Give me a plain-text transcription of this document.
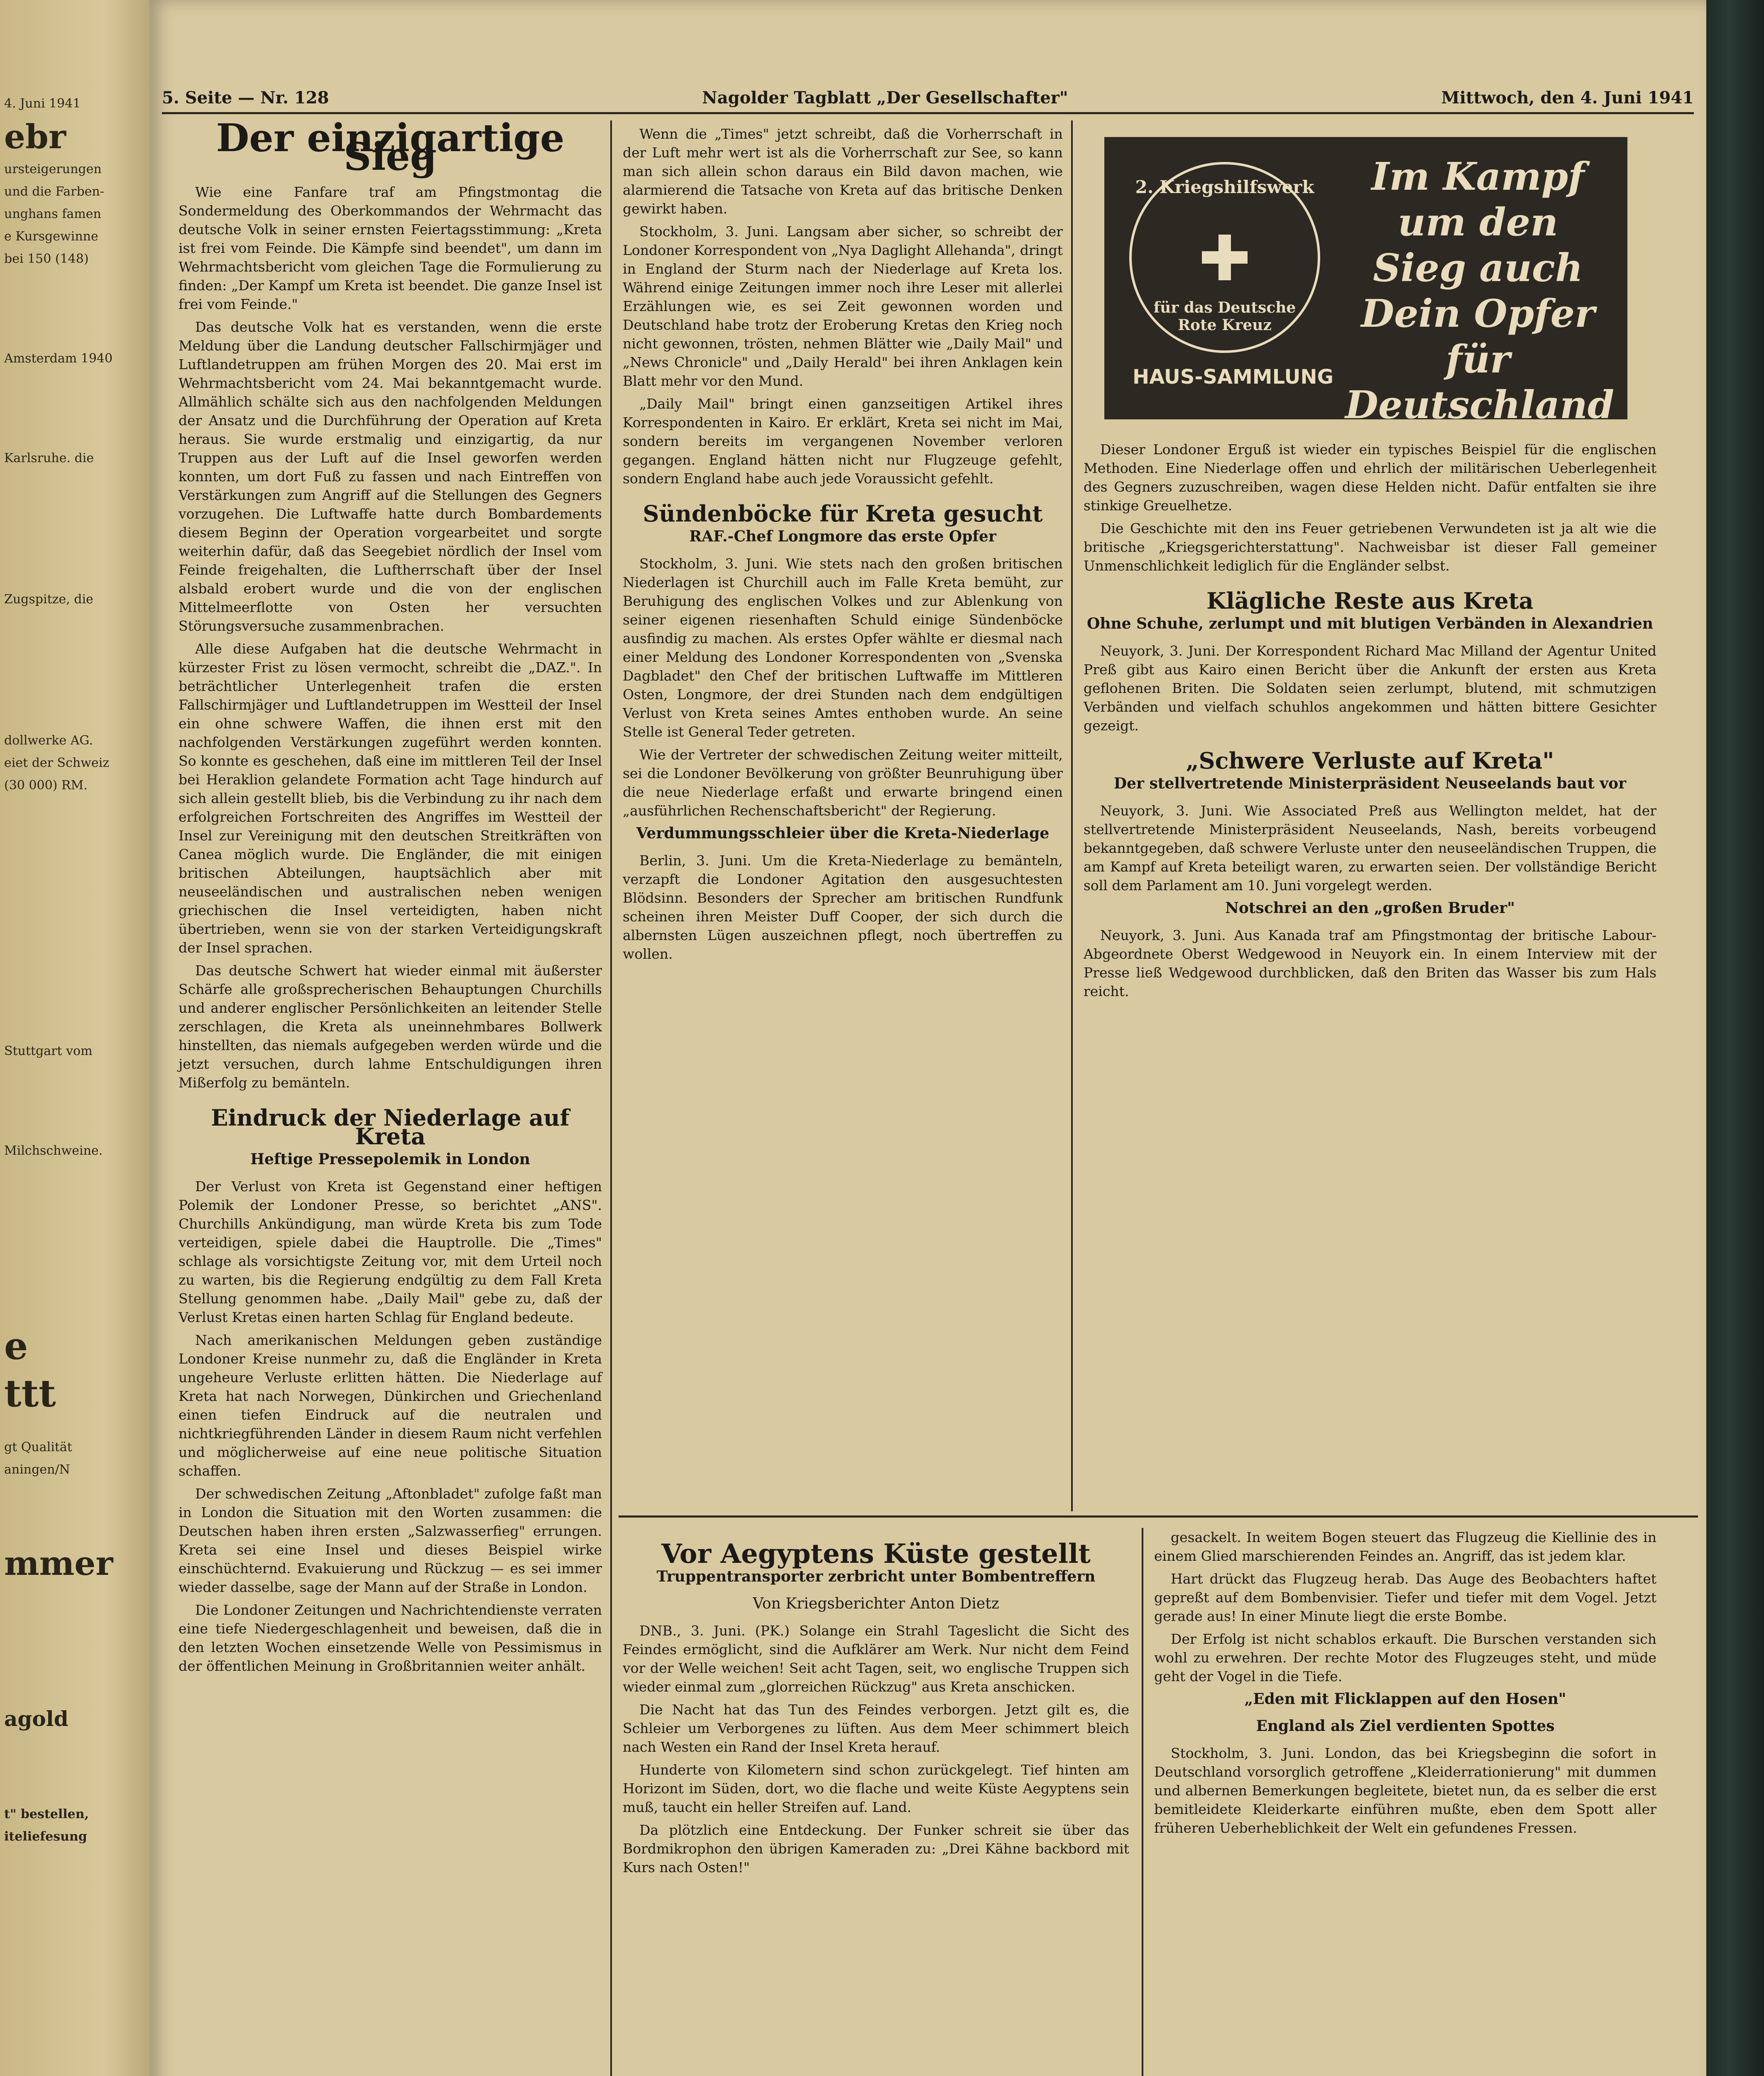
4. Juni 1941
ebr
ursteigerungen
und die Farben-
unghans famen
e Kursgewinne
bei 150 (148)
Amsterdam 1940
Karlsruhe. die
Zugspitze, die
dollwerke AG.
eiet der Schweiz
(30 000) RM.
Stuttgart vom
Milchschweine.
e
ttt
gt Qualität
aningen/N
mmer
agold
t" bestellen,
iteliefesung
5. Seite — Nr. 128	Nagolder Tagblatt „Der Gesellschafter"	Mittwoch, den 4. Juni 1941
Der einzigartige Sieg

Wie eine Fanfare traf am Pfingstmontag die Sondermeldung des Oberkommandos der Wehrmacht das deutsche Volk in seiner ernsten Feiertagsstimmung: „Kreta ist frei vom Feinde. Die Kämpfe sind beendet", um dann im Wehrmachtsbericht vom gleichen Tage die Formulierung zu finden: „Der Kampf um Kreta ist beendet. Die ganze Insel ist frei vom Feinde."

Das deutsche Volk hat es verstanden, wenn die erste Meldung über die Landung deutscher Fallschirmjäger und Luftlandetruppen am frühen Morgen des 20. Mai erst im Wehrmachtsbericht vom 24. Mai bekanntgemacht wurde. Allmählich schälte sich aus den nachfolgenden Meldungen der Ansatz und die Durchführung der Operation auf Kreta heraus. Sie wurde erstmalig und einzigartig, da nur Truppen aus der Luft auf die Insel geworfen werden konnten, um dort Fuß zu fassen und nach Eintreffen von Verstärkungen zum Angriff auf die Stellungen des Gegners vorzugehen. Die Luftwaffe hatte durch Bombardements diesem Beginn der Operation vorgearbeitet und sorgte weiterhin dafür, daß das Seegebiet nördlich der Insel vom Feinde freigehalten, die Luftherrschaft über der Insel alsbald erobert wurde und die von der englischen Mittelmeerflotte von Osten her versuchten Störungsversuche zusammenbrachen.

Alle diese Aufgaben hat die deutsche Wehrmacht in kürzester Frist zu lösen vermocht, schreibt die „DAZ.". In beträchtlicher Unterlegenheit trafen die ersten Fallschirmjäger und Luftlandetruppen im Westteil der Insel ein ohne schwere Waffen, die ihnen erst mit den nachfolgenden Verstärkungen zugeführt werden konnten. So konnte es geschehen, daß eine im mittleren Teil der Insel bei Heraklion gelandete Formation acht Tage hindurch auf sich allein gestellt blieb, bis die Verbindung zu ihr nach dem erfolgreichen Fortschreiten des Angriffes im Westteil der Insel zur Vereinigung mit den deutschen Streitkräften von Canea möglich wurde. Die Engländer, die mit einigen britischen Abteilungen, hauptsächlich aber mit neuseeländischen und australischen neben wenigen griechischen die Insel verteidigten, haben nicht übertrieben, wenn sie von der starken Verteidigungskraft der Insel sprachen.

Das deutsche Schwert hat wieder einmal mit äußerster Schärfe alle großsprecherischen Behauptungen Churchills und anderer englischer Persönlichkeiten an leitender Stelle zerschlagen, die Kreta als uneinnehmbares Bollwerk hinstellten, das niemals aufgegeben werden würde und die jetzt versuchen, durch lahme Entschuldigungen ihren Mißerfolg zu bemänteln.

Eindruck der Niederlage auf Kreta
Heftige Pressepolemik in London

Der Verlust von Kreta ist Gegenstand einer heftigen Polemik der Londoner Presse, so berichtet „ANS". Churchills Ankündigung, man würde Kreta bis zum Tode verteidigen, spiele dabei die Hauptrolle. Die „Times" schlage als vorsichtigste Zeitung vor, mit dem Urteil noch zu warten, bis die Regierung endgültig zu dem Fall Kreta Stellung genommen habe. „Daily Mail" gebe zu, daß der Verlust Kretas einen harten Schlag für England bedeute.

Nach amerikanischen Meldungen geben zuständige Londoner Kreise nunmehr zu, daß die Engländer in Kreta ungeheure Verluste erlitten hätten. Die Niederlage auf Kreta hat nach Norwegen, Dünkirchen und Griechenland einen tiefen Eindruck auf die neutralen und nichtkriegführenden Länder in diesem Raum nicht verfehlen und möglicherweise auf eine neue politische Situation schaffen.

Der schwedischen Zeitung „Aftonbladet" zufolge faßt man in London die Situation mit den Worten zusammen: die Deutschen haben ihren ersten „Salzwasserfieg" errungen. Kreta sei eine Insel und dieses Beispiel wirke einschüchternd. Evakuierung und Rückzug — es sei immer wieder dasselbe, sage der Mann auf der Straße in London.

Die Londoner Zeitungen und Nachrichtendienste verraten eine tiefe Niedergeschlagenheit und beweisen, daß die in den letzten Wochen einsetzende Welle von Pessimismus in der öffentlichen Meinung in Großbritannien weiter anhält.

Wenn die „Times" jetzt schreibt, daß die Vorherrschaft in der Luft mehr wert ist als die Vorherrschaft zur See, so kann man sich allein schon daraus ein Bild davon machen, wie alarmierend die Tatsache von Kreta auf das britische Denken gewirkt haben.

Stockholm, 3. Juni. Langsam aber sicher, so schreibt der Londoner Korrespondent von „Nya Daglight Allehanda", dringt in England der Sturm nach der Niederlage auf Kreta los. Während einige Zeitungen immer noch ihre Leser mit allerlei Erzählungen wie, es sei Zeit gewonnen worden und Deutschland habe trotz der Eroberung Kretas den Krieg noch nicht gewonnen, trösten, nehmen Blätter wie „Daily Mail" und „News Chronicle" und „Daily Herald" bei ihren Anklagen kein Blatt mehr vor den Mund.

„Daily Mail" bringt einen ganzseitigen Artikel ihres Korrespondenten in Kairo. Er erklärt, Kreta sei nicht im Mai, sondern bereits im vergangenen November verloren gegangen. England hätten nicht nur Flugzeuge gefehlt, sondern England habe auch jede Voraussicht gefehlt.

Sündenböcke für Kreta gesucht
RAF.-Chef Longmore das erste Opfer

Stockholm, 3. Juni. Wie stets nach den großen britischen Niederlagen ist Churchill auch im Falle Kreta bemüht, zur Beruhigung des englischen Volkes und zur Ablenkung von seiner eigenen riesenhaften Schuld einige Sündenböcke ausfindig zu machen. Als erstes Opfer wählte er diesmal nach einer Meldung des Londoner Korrespondenten von „Svenska Dagbladet" den Chef der britischen Luftwaffe im Mittleren Osten, Longmore, der drei Stunden nach dem endgültigen Verlust von Kreta seines Amtes enthoben wurde. An seine Stelle ist General Teder getreten.

Wie der Vertreter der schwedischen Zeitung weiter mitteilt, sei die Londoner Bevölkerung von größter Beunruhigung über die neue Niederlage erfaßt und erwarte bringend einen „ausführlichen Rechenschaftsbericht" der Regierung.

Verdummungsschleier über die Kreta-Niederlage

Berlin, 3. Juni. Um die Kreta-Niederlage zu bemänteln, verzapft die Londoner Agitation den ausgesuchtesten Blödsinn. Besonders der Sprecher am britischen Rundfunk scheinen ihren Meister Duff Cooper, der sich durch die albernsten Lügen auszeichnen pflegt, noch übertreffen zu wollen.

2. Kriegshilfswerk
für das Deutsche Rote Kreuz
HAUS-SAMMLUNG
Im Kampf um den Sieg auch Dein Opfer für Deutschland

Dieser Londoner Erguß ist wieder ein typisches Beispiel für die englischen Methoden. Eine Niederlage offen und ehrlich der militärischen Ueberlegenheit des Gegners zuzuschreiben, wagen diese Helden nicht. Dafür entfalten sie ihre stinkige Greuelhetze.

Die Geschichte mit den ins Feuer getriebenen Verwundeten ist ja alt wie die britische „Kriegsgerichterstattung". Nachweisbar ist dieser Fall gemeiner Unmenschlichkeit lediglich für die Engländer selbst.

Klägliche Reste aus Kreta
Ohne Schuhe, zerlumpt und mit blutigen Verbänden in Alexandrien

Neuyork, 3. Juni. Der Korrespondent Richard Mac Milland der Agentur United Preß gibt aus Kairo einen Bericht über die Ankunft der ersten aus Kreta geflohenen Briten. Die Soldaten seien zerlumpt, blutend, mit schmutzigen Verbänden und vielfach schuhlos angekommen und hätten bittere Gesichter gezeigt.

„Schwere Verluste auf Kreta"
Der stellvertretende Ministerpräsident Neuseelands baut vor

Neuyork, 3. Juni. Wie Associated Preß aus Wellington meldet, hat der stellvertretende Ministerpräsident Neuseelands, Nash, bereits vorbeugend bekanntgegeben, daß schwere Verluste unter den neuseeländischen Truppen, die am Kampf auf Kreta beteiligt waren, zu erwarten seien. Der vollständige Bericht soll dem Parlament am 10. Juni vorgelegt werden.

Notschrei an den „großen Bruder"

Neuyork, 3. Juni. Aus Kanada traf am Pfingstmontag der britische Labour-Abgeordnete Oberst Wedgewood in Neuyork ein. In einem Interview mit der Presse ließ Wedgewood durchblicken, daß den Briten das Wasser bis zum Hals reicht.

Vor Aegyptens Küste gestellt
Truppentransporter zerbricht unter Bombentreffern
Von Kriegsberichter Anton Dietz

DNB., 3. Juni. (PK.) Solange ein Strahl Tageslicht die Sicht des Feindes ermöglicht, sind die Aufklärer am Werk. Nur nicht dem Feind vor der Welle weichen! Seit acht Tagen, seit, wo englische Truppen sich wieder einmal zum „glorreichen Rückzug" aus Kreta anschicken.

Die Nacht hat das Tun des Feindes verborgen. Jetzt gilt es, die Schleier um Verborgenes zu lüften. Aus dem Meer schimmert bleich nach Westen ein Rand der Insel Kreta herauf.

Hunderte von Kilometern sind schon zurückgelegt. Tief hinten am Horizont im Süden, dort, wo die flache und weite Küste Aegyptens sein muß, taucht ein heller Streifen auf. Land.

Da plötzlich eine Entdeckung. Der Funker schreit sie über das Bordmikrophon den übrigen Kameraden zu: „Drei Kähne backbord mit Kurs nach Osten!"

gesackelt. In weitem Bogen steuert das Flugzeug die Kiellinie des in einem Glied marschierenden Feindes an. Angriff, das ist jedem klar.

Hart drückt das Flugzeug herab. Das Auge des Beobachters haftet gepreßt auf dem Bombenvisier. Tiefer und tiefer mit dem Vogel. Jetzt gerade aus! In einer Minute liegt die erste Bombe.

Der Erfolg ist nicht schablos erkauft. Die Burschen verstanden sich wohl zu erwehren. Der rechte Motor des Flugzeuges steht, und müde geht der Vogel in die Tiefe.

„Eden mit Flicklappen auf den Hosen"
England als Ziel verdienten Spottes

Stockholm, 3. Juni. London, das bei Kriegsbeginn die sofort in Deutschland vorsorglich getroffene „Kleiderrationierung" mit dummen und albernen Bemerkungen begleitete, bietet nun, da es selber die erst bemitleidete Kleiderkarte einführen mußte, eben dem Spott aller früheren Ueberheblichkeit der Welt ein gefundenes Fressen.
